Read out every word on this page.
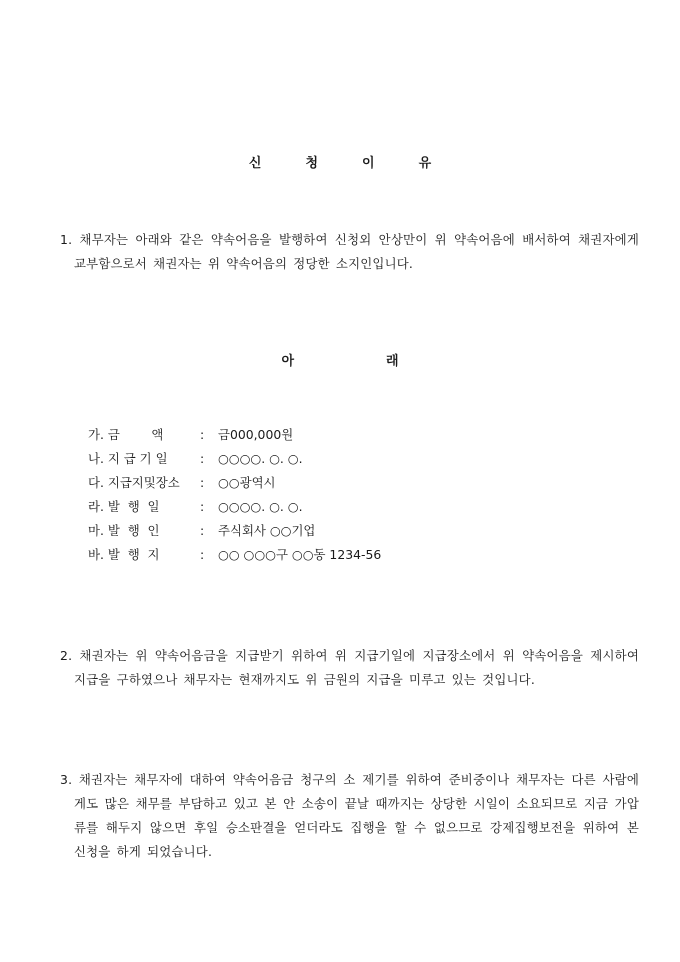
신	청	이	유
1. 채무자는 아래와 같은 약속어음을 발행하여 신청외 안상만이 위 약속어음에 배서하여 채권자에게 교부함으로서 채권자는 위 약속어음의 정당한 소지인입니다.
아	래
가. 금        액	:	금000,000원
나. 지 급 기 일	:	○○○○. ○. ○.
다. 지급지및장소	:	○○광역시
라. 발  행  일	:	○○○○. ○. ○.
마. 발  행  인	:	주식회사 ○○기업
바. 발  행  지	:	○○ ○○○구 ○○동 1234-56
2. 채권자는 위 약속어음금을 지급받기 위하여 위 지급기일에 지급장소에서 위 약속어음을 제시하여 지급을 구하였으나 채무자는 현재까지도 위 금원의 지급을 미루고 있는 것입니다.
3. 채권자는 채무자에 대하여 약속어음금 청구의 소 제기를 위하여 준비중이나 채무자는 다른 사람에게도 많은 채무를 부담하고 있고 본 안 소송이 끝날 때까지는 상당한 시일이 소요되므로 지금 가압류를 해두지 않으면 후일 승소판결을 얻더라도 집행을 할 수 없으므로 강제집행보전을 위하여 본 신청을 하게 되었습니다.
